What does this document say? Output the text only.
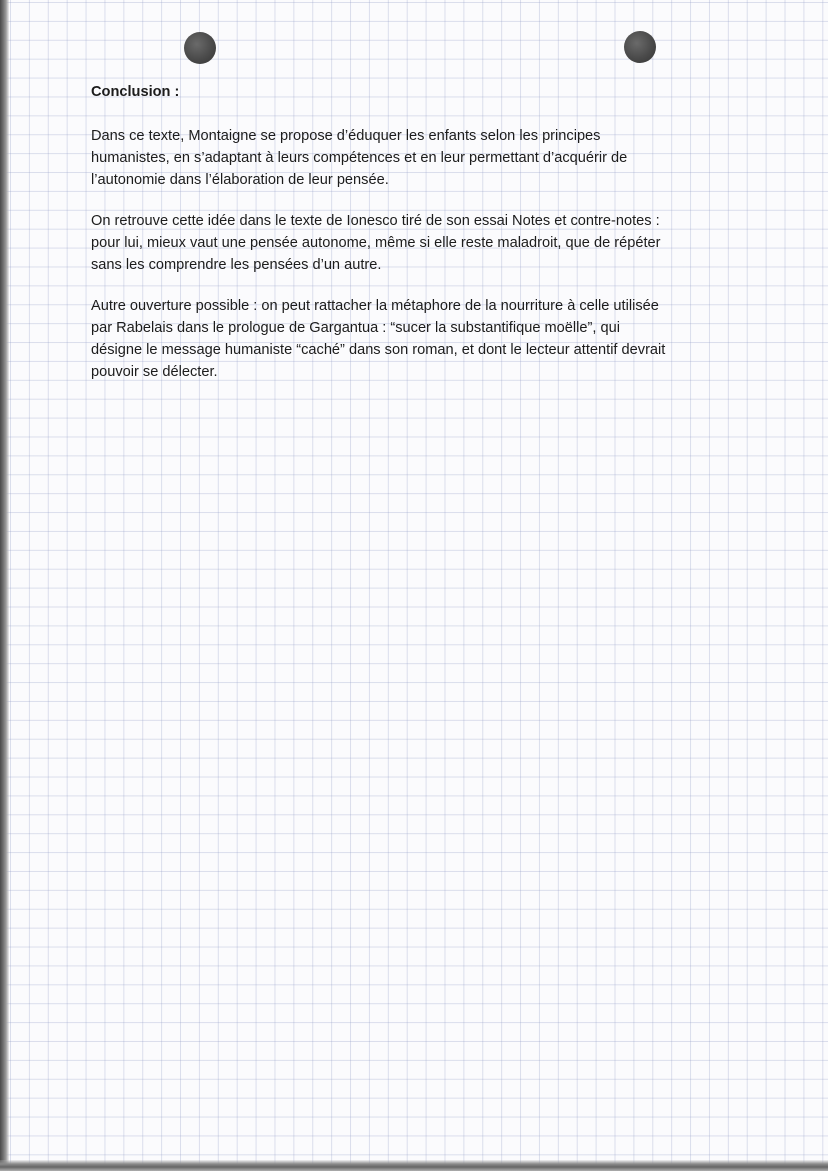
Conclusion :
Dans ce texte, Montaigne se propose d’éduquer les enfants selon les principes
humanistes, en s’adaptant à leurs compétences et en leur permettant d’acquérir de
l’autonomie dans l’élaboration de leur pensée.
On retrouve cette idée dans le texte de Ionesco tiré de son essai Notes et contre-notes :
pour lui, mieux vaut une pensée autonome, même si elle reste maladroit, que de répéter
sans les comprendre les pensées d’un autre.
Autre ouverture possible : on peut rattacher la métaphore de la nourriture à celle utilisée
par Rabelais dans le prologue de Gargantua : “sucer la substantifique moëlle”, qui
désigne le message humaniste “caché” dans son roman, et dont le lecteur attentif devrait
pouvoir se délecter.
